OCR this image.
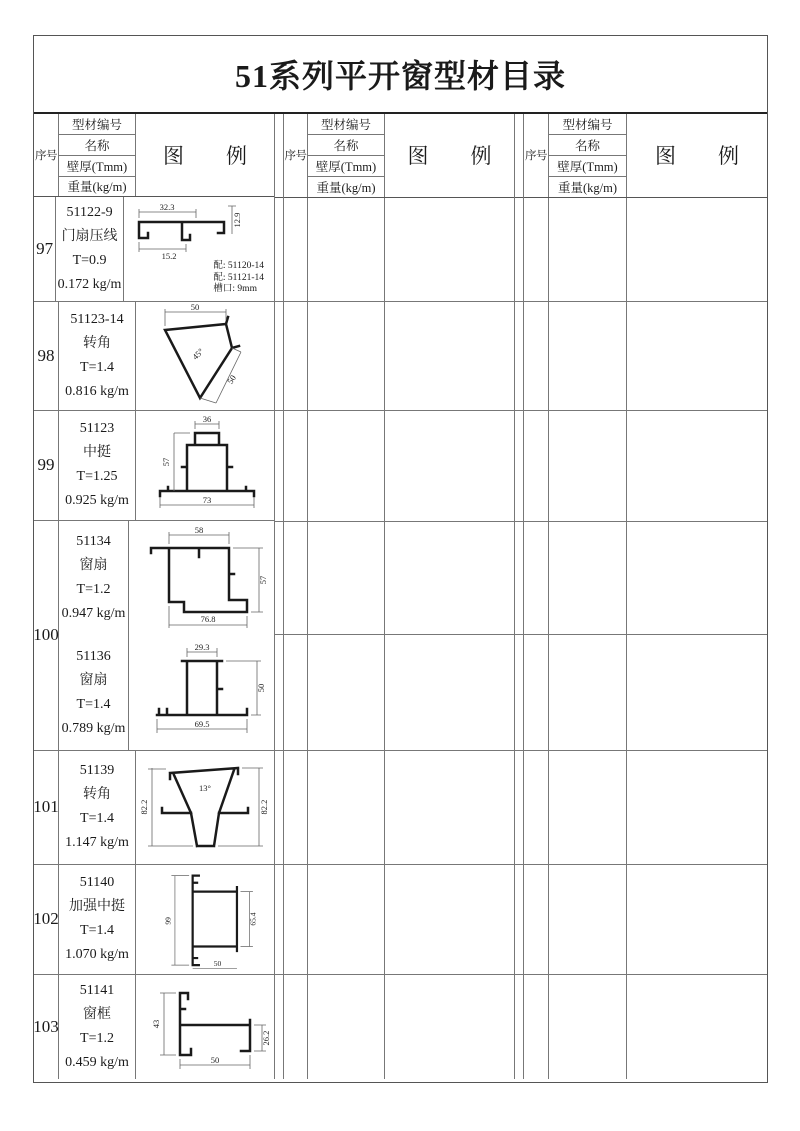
51系列平开窗型材目录
序号
型材编号
名称
壁厚(Tmm)
重量(kg/m)
图　　例
97
51122-9
门扇压线
T=0.9
0.172 kg/m
32.3
12.9
15.2
配: 51120-14
配: 51121-14
槽口: 9mm
98
51123-14
转角
T=1.4
0.816 kg/m
50
45°
50
99
51123
中挺
T=1.25
0.925 kg/m
36
57
73
100
51134
窗扇
T=1.2
0.947 kg/m
51136
窗扇
T=1.4
0.789 kg/m
58
57
76.8
29.3
50
69.5
101
51139
转角
T=1.4
1.147 kg/m
82.2
13°
82.2
102
51140
加强中挺
T=1.4
1.070 kg/m
99	65.4
50
103
51141
窗框
T=1.2
0.459 kg/m
43
26.2
50
序号
型材编号
名称
壁厚(Tmm)
重量(kg/m)
图　　例	序号
型材编号
名称
壁厚(Tmm)
重量(kg/m)
图　　例
